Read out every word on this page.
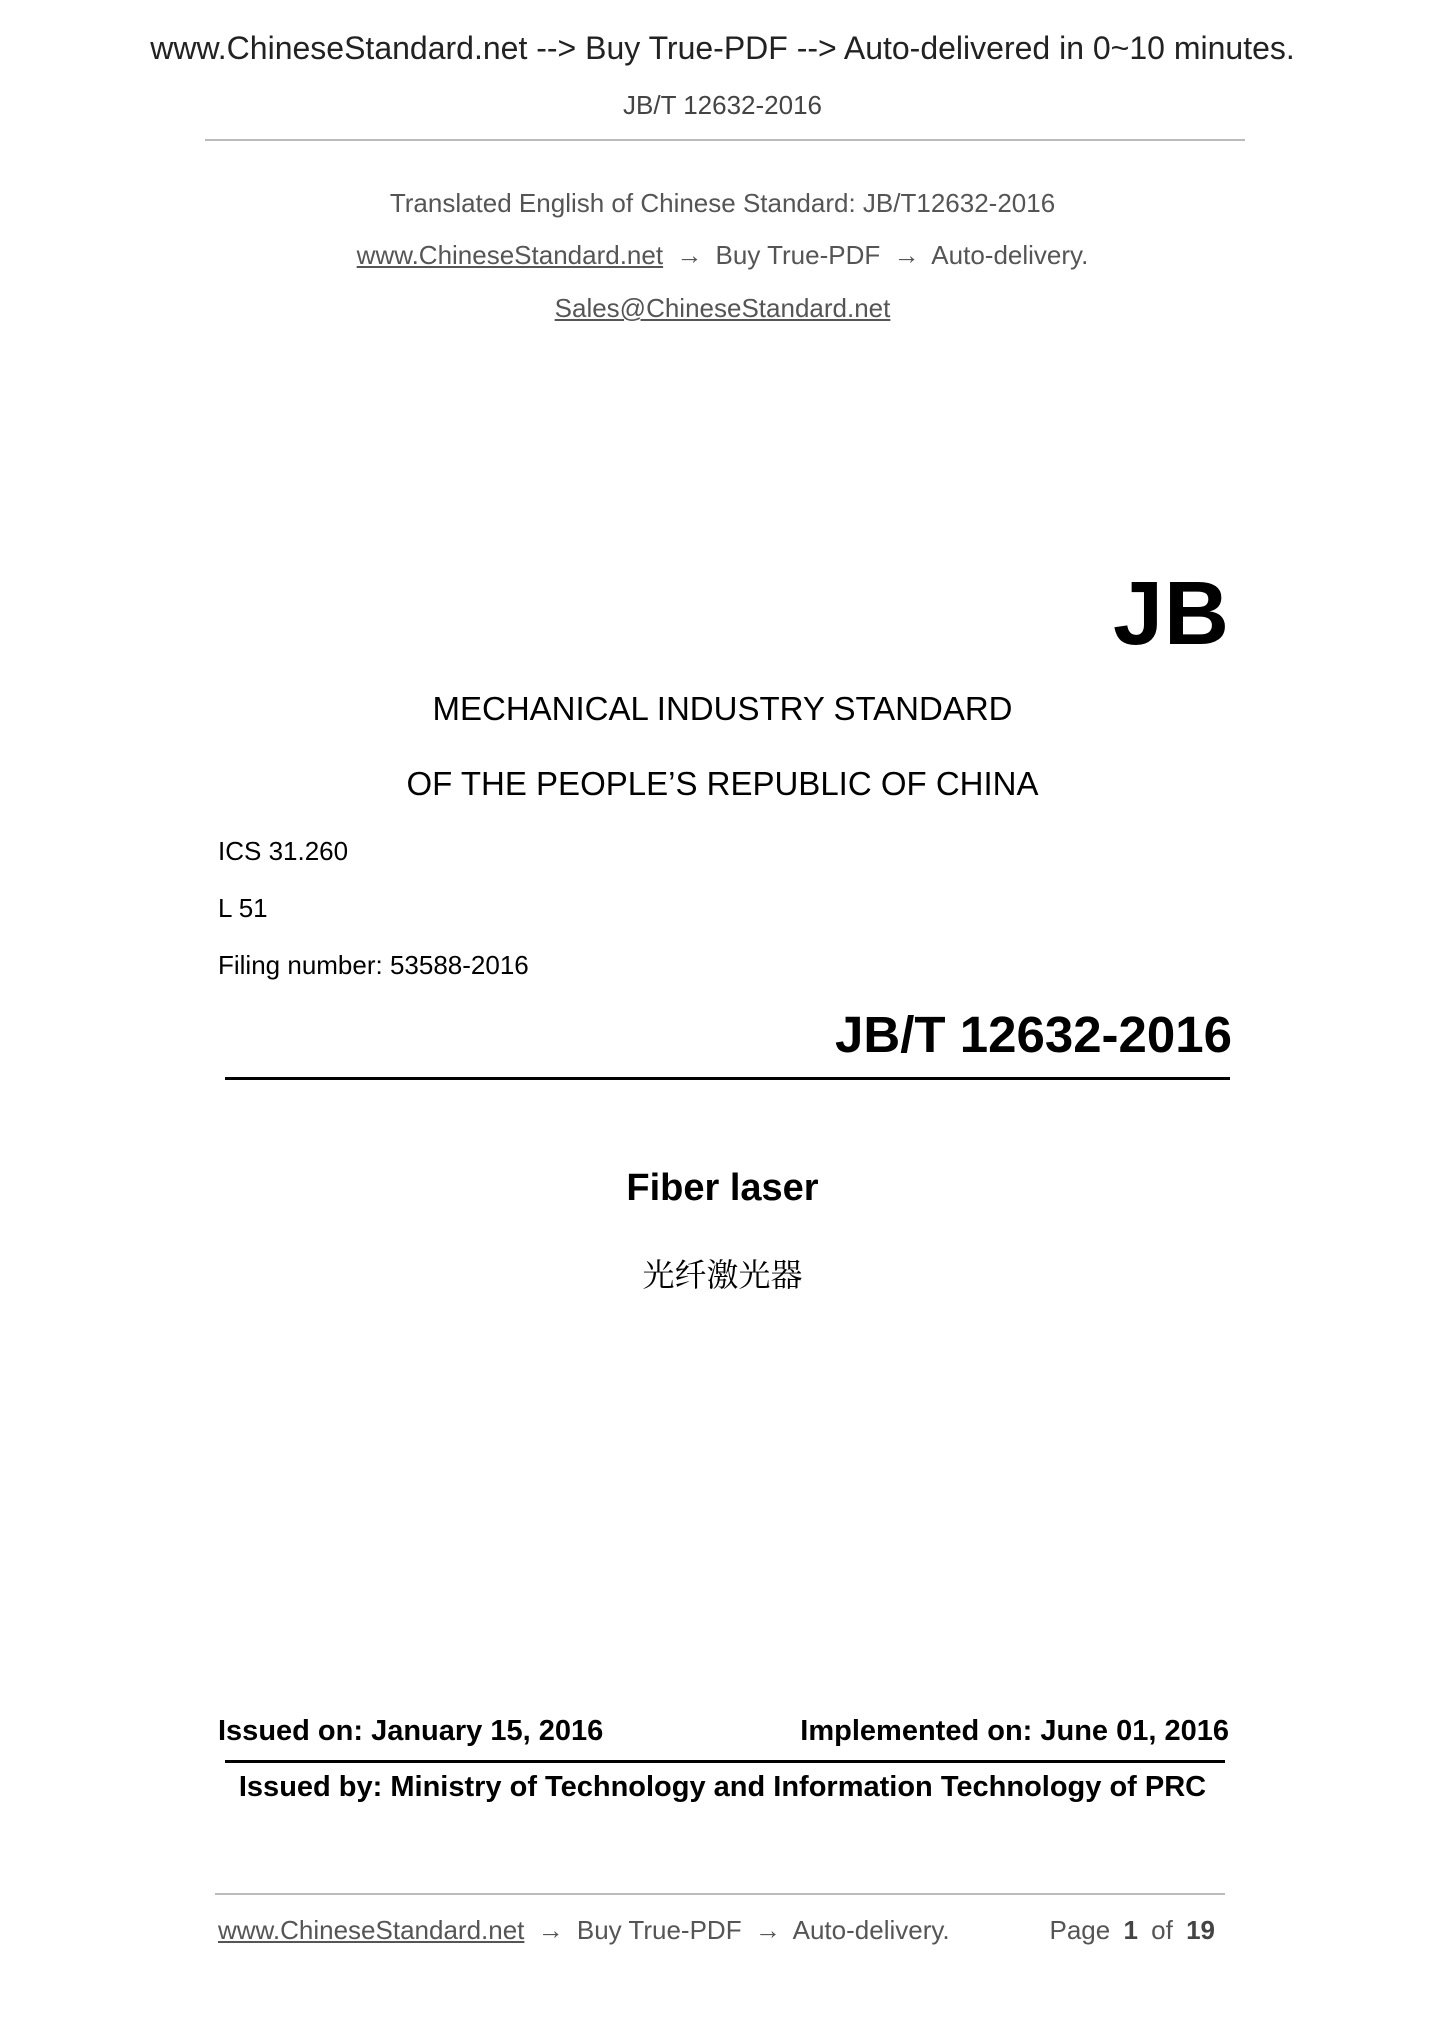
www.ChineseStandard.net --> Buy True-PDF --> Auto-delivered in 0~10 minutes.
JB/T 12632-2016
Translated English of Chinese Standard: JB/T12632-2016
www.ChineseStandard.net → Buy True-PDF → Auto-delivery.
Sales@ChineseStandard.net
JB
MECHANICAL INDUSTRY STANDARD
OF THE PEOPLE’S REPUBLIC OF CHINA
ICS 31.260
L 51
Filing number: 53588-2016
JB/T 12632-2016
Fiber laser
光纤激光器
Issued on: January 15, 2016	Implemented on: June 01, 2016
Issued by: Ministry of Technology and Information Technology of PRC
www.ChineseStandard.net → Buy True-PDF → Auto-delivery.	Page 1 of 19
